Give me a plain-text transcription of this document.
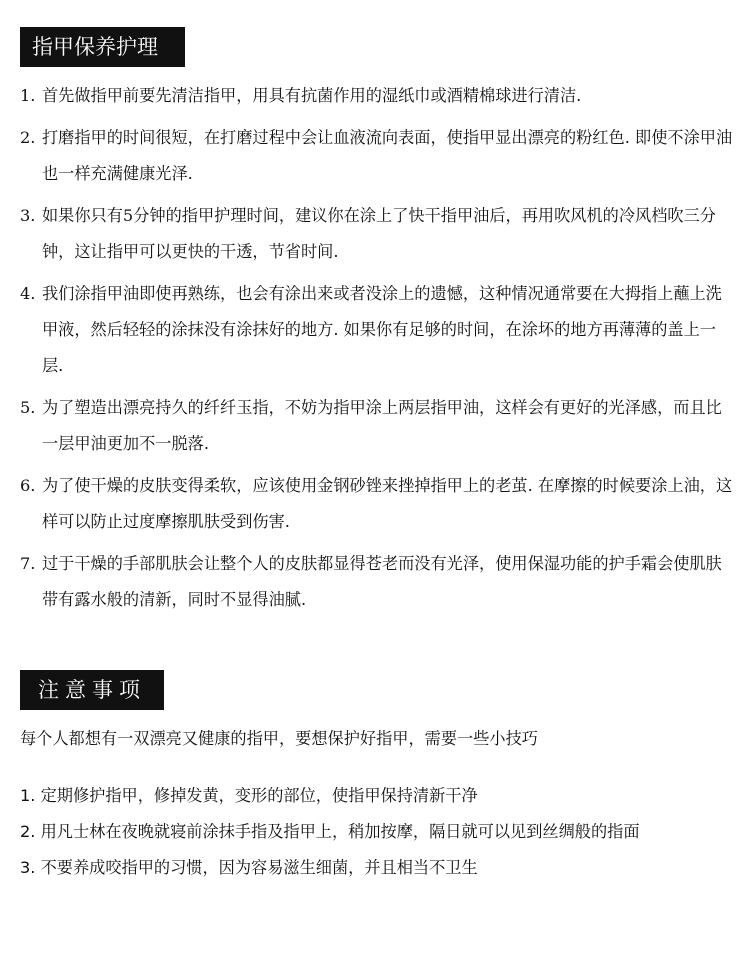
指甲保养护理
1. 首先做指甲前要先清洁指甲，用具有抗菌作用的湿纸巾或酒精棉球进行清洁.
2. 打磨指甲的时间很短，在打磨过程中会让血液流向表面，使指甲显出漂亮的粉红色. 即使不涂甲油也一样充满健康光泽.
3. 如果你只有5分钟的指甲护理时间，建议你在涂上了快干指甲油后，再用吹风机的冷风档吹三分钟，这让指甲可以更快的干透，节省时间.
4. 我们涂指甲油即使再熟练，也会有涂出来或者没涂上的遗憾，这种情况通常要在大拇指上蘸上洗甲液，然后轻轻的涂抹没有涂抹好的地方. 如果你有足够的时间，在涂坏的地方再薄薄的盖上一层.
5. 为了塑造出漂亮持久的纤纤玉指，不妨为指甲涂上两层指甲油，这样会有更好的光泽感，而且比一层甲油更加不一脱落.
6. 为了使干燥的皮肤变得柔软，应该使用金钢砂锉来挫掉指甲上的老茧. 在摩擦的时候要涂上油，这样可以防止过度摩擦肌肤受到伤害.
7. 过于干燥的手部肌肤会让整个人的皮肤都显得苍老而没有光泽，使用保湿功能的护手霜会使肌肤带有露水般的清新，同时不显得油腻.
注意事项

每个人都想有一双漂亮又健康的指甲，要想保护好指甲，需要一些小技巧

1. 定期修护指甲，修掉发黄，变形的部位，使指甲保持清新干净
2. 用凡士林在夜晚就寝前涂抹手指及指甲上，稍加按摩，隔日就可以见到丝绸般的指面
3. 不要养成咬指甲的习惯，因为容易滋生细菌，并且相当不卫生
